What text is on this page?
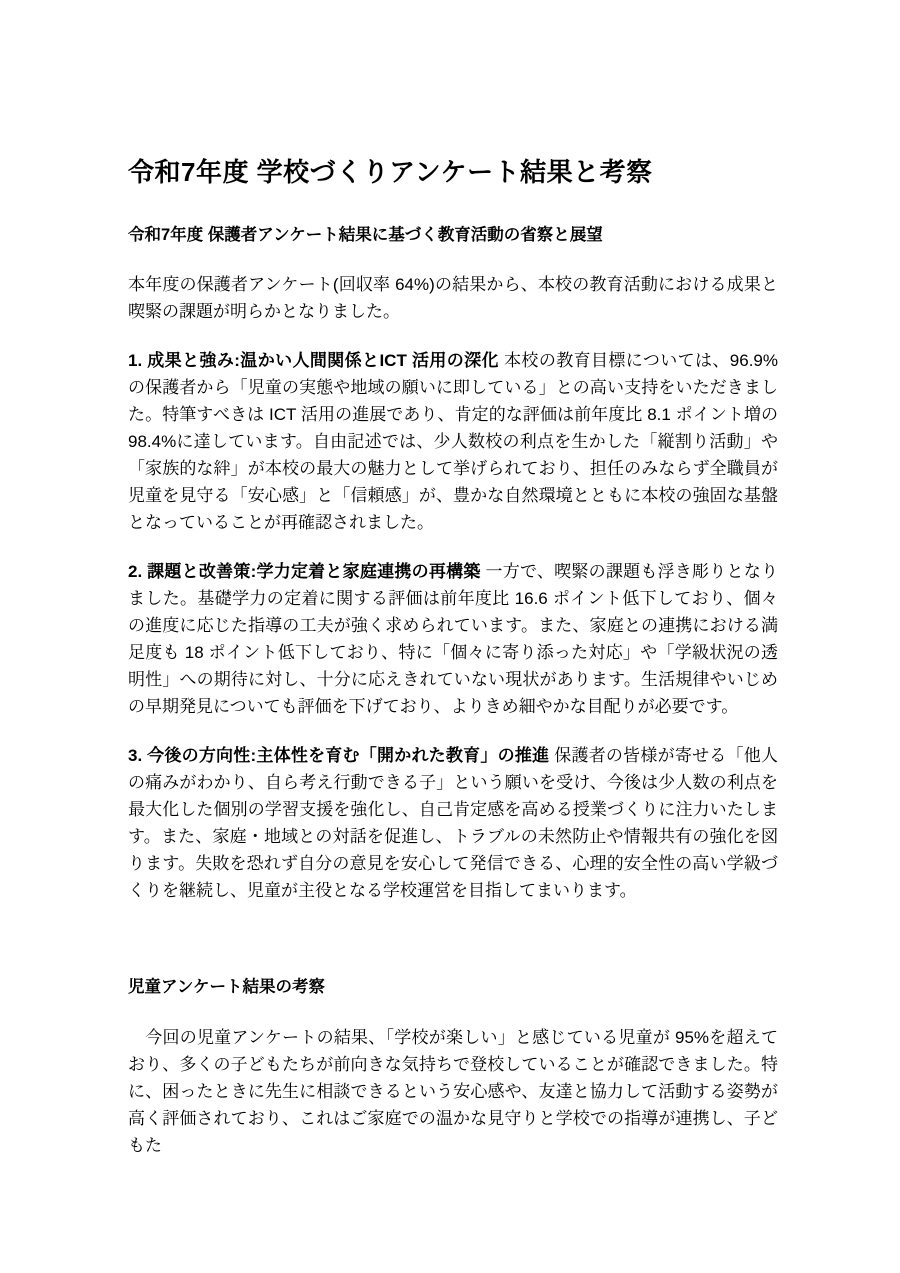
令和7年度 学校づくりアンケート結果と考察
令和7年度 保護者アンケート結果に基づく教育活動の省察と展望

本年度の保護者アンケート(回収率 64%)の結果から、本校の教育活動における成果と喫緊の課題が明らかとなりました。

1. 成果と強み:温かい人間関係とICT 活用の深化 本校の教育目標については、96.9%の保護者から「児童の実態や地域の願いに即している」との高い支持をいただきました。特筆すべきは ICT 活用の進展であり、肯定的な評価は前年度比 8.1 ポイント増の 98.4%に達しています。自由記述では、少人数校の利点を生かした「縦割り活動」や「家族的な絆」が本校の最大の魅力として挙げられており、担任のみならず全職員が児童を見守る「安心感」と「信頼感」が、豊かな自然環境とともに本校の強固な基盤となっていることが再確認されました。

2. 課題と改善策:学力定着と家庭連携の再構築 一方で、喫緊の課題も浮き彫りとなりました。基礎学力の定着に関する評価は前年度比 16.6 ポイント低下しており、個々の進度に応じた指導の工夫が強く求められています。また、家庭との連携における満足度も 18 ポイント低下しており、特に「個々に寄り添った対応」や「学級状況の透明性」への期待に対し、十分に応えきれていない現状があります。生活規律やいじめの早期発見についても評価を下げており、よりきめ細やかな目配りが必要です。

3. 今後の方向性:主体性を育む「開かれた教育」の推進 保護者の皆様が寄せる「他人の痛みがわかり、自ら考え行動できる子」という願いを受け、今後は少人数の利点を最大化した個別の学習支援を強化し、自己肯定感を高める授業づくりに注力いたします。また、家庭・地域との対話を促進し、トラブルの未然防止や情報共有の強化を図ります。失敗を恐れず自分の意見を安心して発信できる、心理的安全性の高い学級づくりを継続し、児童が主役となる学校運営を目指してまいります。

児童アンケート結果の考察

　今回の児童アンケートの結果、「学校が楽しい」と感じている児童が 95%を超えており、多くの子どもたちが前向きな気持ちで登校していることが確認できました。特に、困ったときに先生に相談できるという安心感や、友達と協力して活動する姿勢が高く評価されており、これはご家庭での温かな見守りと学校での指導が連携し、子どもた
